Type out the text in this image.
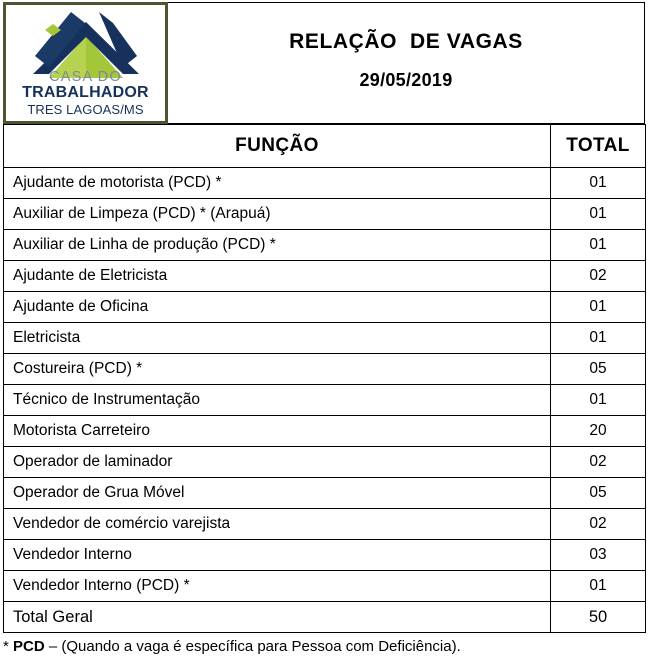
CASA DO
TRABALHADOR
TRES LAGOAS/MS
RELAÇÃO  DE VAGAS
29/05/2019
FUNÇÃO	TOTAL
Ajudante de motorista (PCD) *	01
Auxiliar de Limpeza (PCD) * (Arapuá)	01
Auxiliar de Linha de produção (PCD) *	01
Ajudante de Eletricista	02
Ajudante de Oficina	01
Eletricista	01
Costureira (PCD) *	05
Técnico de Instrumentação	01
Motorista Carreteiro	20
Operador de laminador	02
Operador de Grua Móvel	05
Vendedor de comércio varejista	02
Vendedor Interno	03
Vendedor Interno (PCD) *	01
Total Geral	50
* PCD – (Quando a vaga é específica para Pessoa com Deficiência).
